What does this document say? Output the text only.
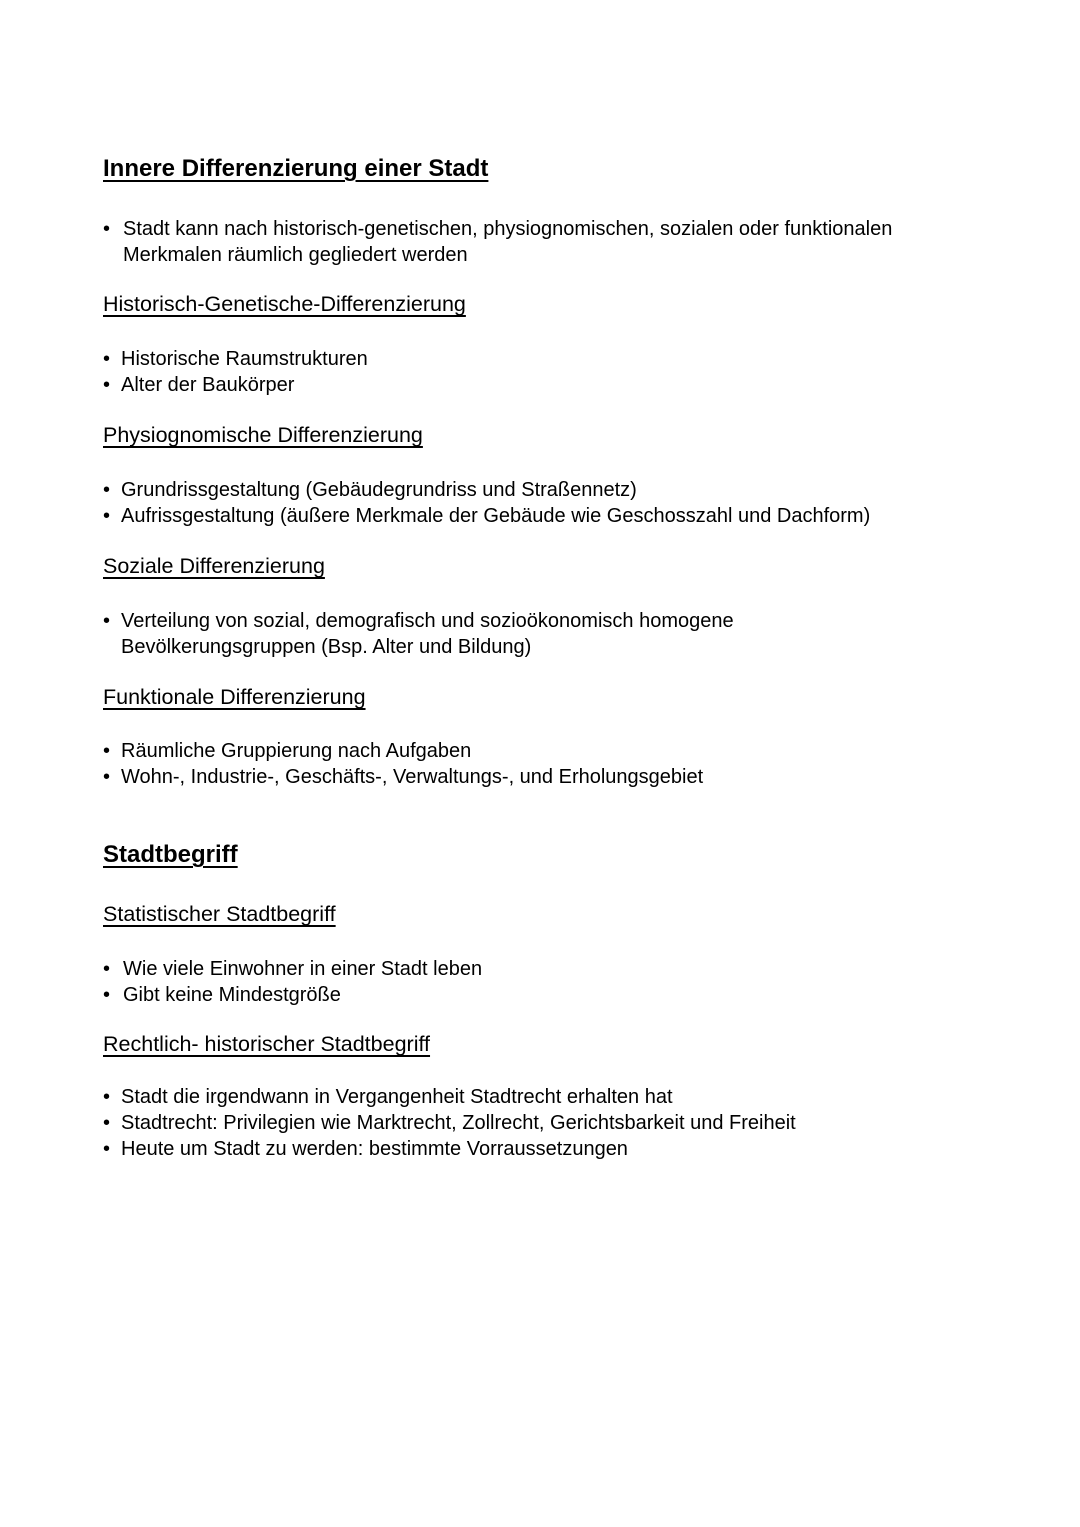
Innere Differenzierung einer Stadt
• Stadt kann nach historisch-genetischen, physiognomischen, sozialen oder funktionalen
Merkmalen räumlich gegliedert werden
Historisch-Genetische-Differenzierung
• Historische Raumstrukturen
• Alter der Baukörper
Physiognomische Differenzierung
• Grundrissgestaltung (Gebäudegrundriss und Straßennetz)
• Aufrissgestaltung (äußere Merkmale der Gebäude wie Geschosszahl und Dachform)
Soziale Differenzierung
• Verteilung von sozial, demografisch und sozioökonomisch homogene
Bevölkerungsgruppen (Bsp. Alter und Bildung)
Funktionale Differenzierung
• Räumliche Gruppierung nach Aufgaben
• Wohn-, Industrie-, Geschäfts-, Verwaltungs-, und Erholungsgebiet
Stadtbegriff
Statistischer Stadtbegriff
• Wie viele Einwohner in einer Stadt leben
• Gibt keine Mindestgröße
Rechtlich- historischer Stadtbegriff
• Stadt die irgendwann in Vergangenheit Stadtrecht erhalten hat
• Stadtrecht: Privilegien wie Marktrecht, Zollrecht, Gerichtsbarkeit und Freiheit
• Heute um Stadt zu werden: bestimmte Vorraussetzungen
